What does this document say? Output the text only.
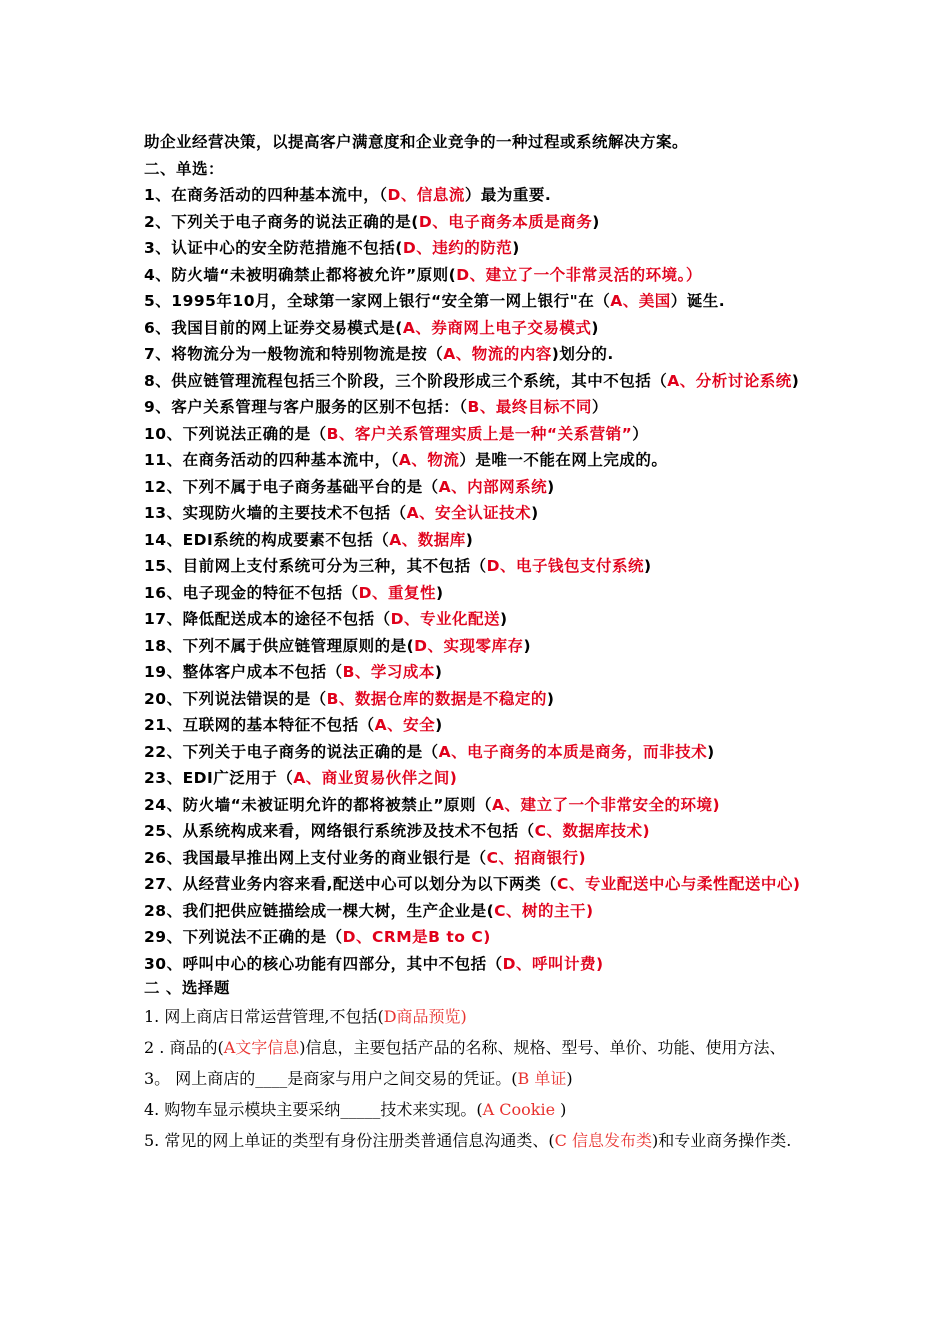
助企业经营决策，以提高客户满意度和企业竞争的一种过程或系统解决方案。
二、单选：
1、在商务活动的四种基本流中，（D、信息流）最为重要.
2、下列关于电子商务的说法正确的是(D、电子商务本质是商务)
3、认证中心的安全防范措施不包括(D、违约的防范)
4、防火墙“未被明确禁止都将被允许”原则(D、建立了一个非常灵活的环境。）
5、1995年10月，全球第一家网上银行“安全第一网上银行"在（A、美国）诞生.
6、我国目前的网上证券交易模式是(A、券商网上电子交易模式)
7、将物流分为一般物流和特别物流是按（A、物流的内容)划分的.
8、供应链管理流程包括三个阶段，三个阶段形成三个系统，其中不包括（A、分析讨论系统)
9、客户关系管理与客户服务的区别不包括：（B、最终目标不同）
10、下列说法正确的是（B、客户关系管理实质上是一种“关系营销”）
11、在商务活动的四种基本流中，（A、物流）是唯一不能在网上完成的。
12、下列不属于电子商务基础平台的是（A、内部网系统)
13、实现防火墙的主要技术不包括（A、安全认证技术)
14、EDI系统的构成要素不包括（A、数据库)
15、目前网上支付系统可分为三种，其不包括（D、电子钱包支付系统)
16、电子现金的特征不包括（D、重复性)
17、降低配送成本的途径不包括（D、专业化配送)
18、下列不属于供应链管理原则的是(D、实现零库存)
19、整体客户成本不包括（B、学习成本)
20、下列说法错误的是（B、数据仓库的数据是不稳定的)
21、互联网的基本特征不包括（A、安全)
22、下列关于电子商务的说法正确的是（A、电子商务的本质是商务，而非技术)
23、EDI广泛用于（A、商业贸易伙伴之间)
24、防火墙“未被证明允许的都将被禁止”原则（A、建立了一个非常安全的环境)
25、从系统构成来看，网络银行系统涉及技术不包括（C、数据库技术)
26、我国最早推出网上支付业务的商业银行是（C、招商银行)
27、从经营业务内容来看,配送中心可以划分为以下两类（C、专业配送中心与柔性配送中心)
28、我们把供应链描绘成一棵大树，生产企业是(C、树的主干)
29、下列说法不正确的是（D、CRM是B to C)
30、呼叫中心的核心功能有四部分，其中不包括（D、呼叫计费)
二 、选择题
1. 网上商店日常运营管理,不包括(D商品预览)
2 . 商品的(A文字信息)信息，主要包括产品的名称、规格、型号、单价、功能、使用方法、
3。 网上商店的____是商家与用户之间交易的凭证。(B 单证)
4. 购物车显示模块主要采纳_____技术来实现。(A Cookie )
5. 常见的网上单证的类型有身份注册类普通信息沟通类、(C 信息发布类)和专业商务操作类.
